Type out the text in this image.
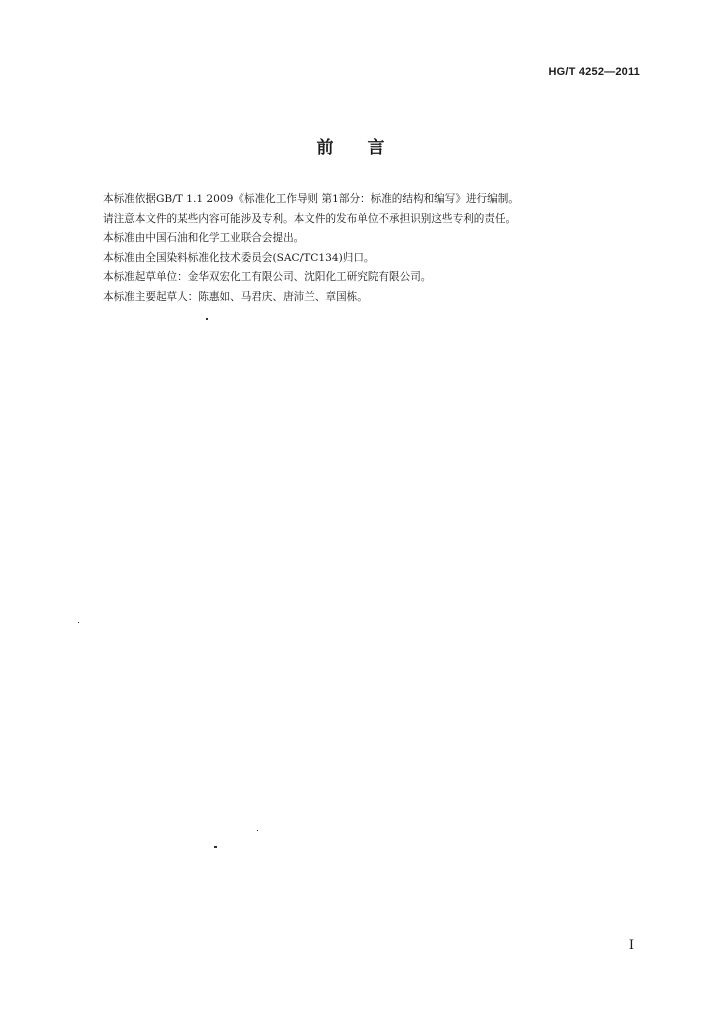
HG/T 4252—2011
前言
本标准依据GB/T 1.1 2009《标准化工作导则 第1部分：标准的结构和编写》进行编制。
请注意本文件的某些内容可能涉及专利。本文件的发布单位不承担识别这些专利的责任。
本标准由中国石油和化学工业联合会提出。
本标准由全国染料标准化技术委员会(SAC/TC134)归口。
本标准起草单位：金华双宏化工有限公司、沈阳化工研究院有限公司。
本标准主要起草人：陈惠如、马君庆、唐沛兰、章国栋。
I
